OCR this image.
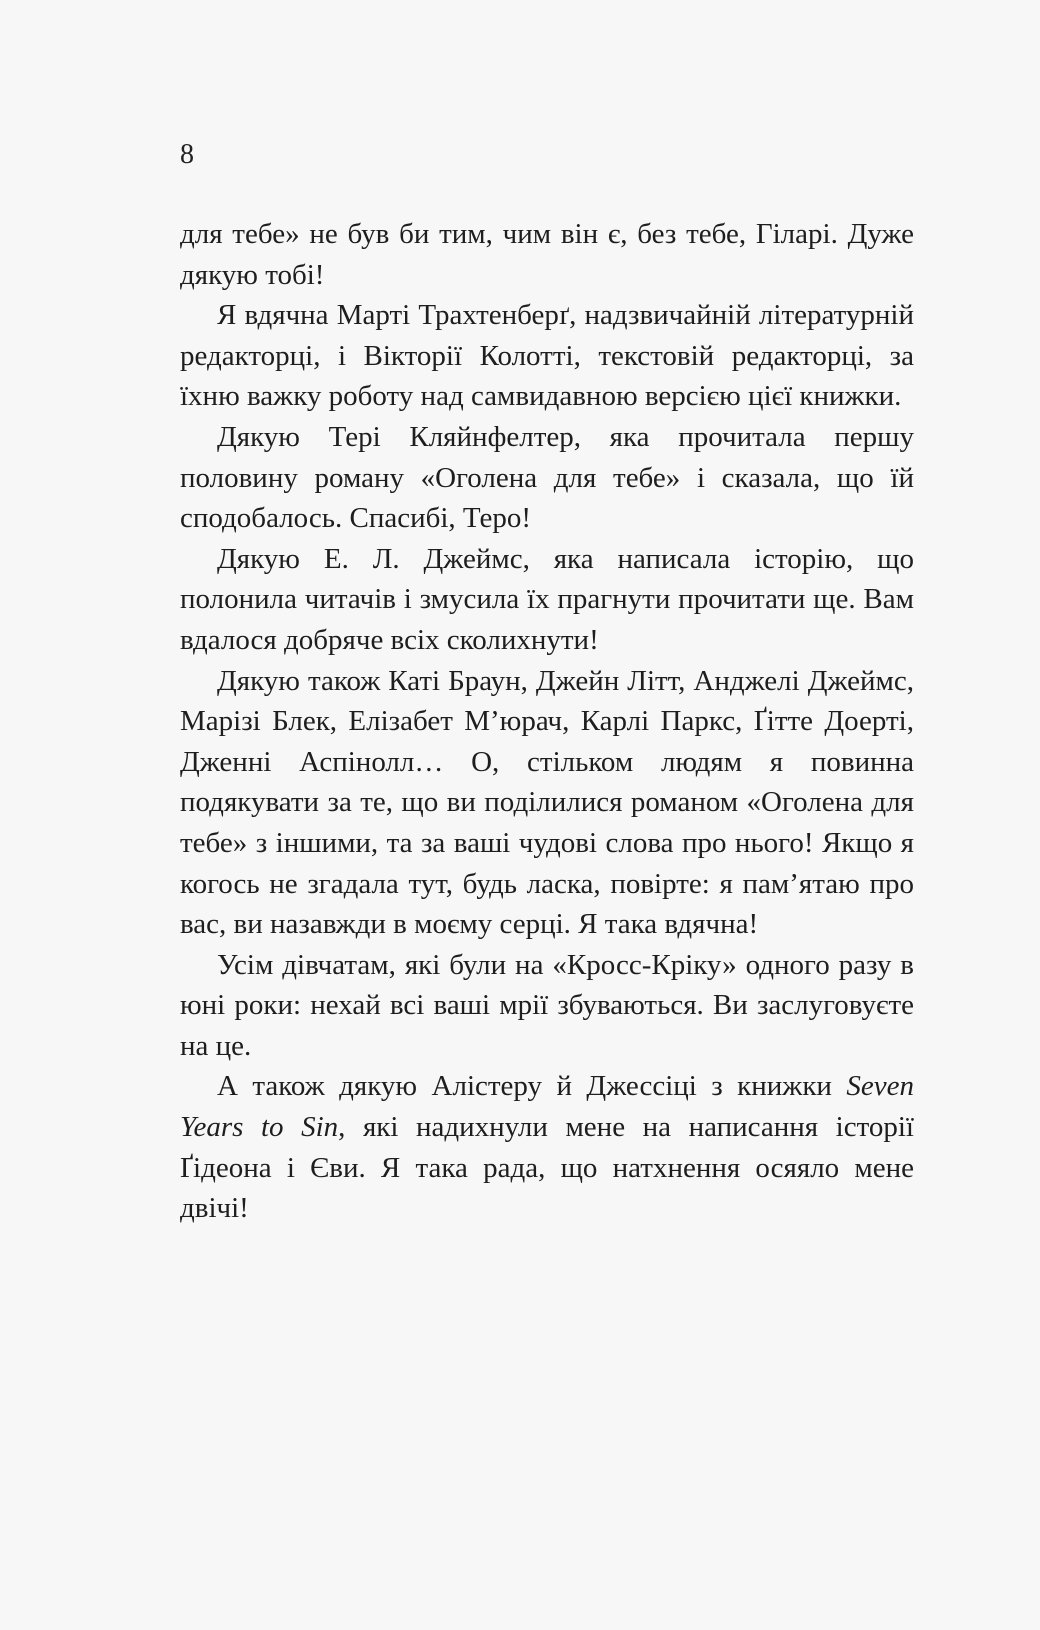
8

для тебе» не був би тим, чим він є, без тебе, Гіларі. Дуже дякую тобі!

Я вдячна Марті Трахтенберґ, надзвичайній літературній редакторці, і Вікторії Колотті, текстовій редакторці, за їхню важку роботу над самвидавною версією цієї книжки.

Дякую Тері Кляйнфелтер, яка прочитала першу половину роману «Оголена для тебе» і сказала, що їй сподобалось. Спасибі, Теро!

Дякую Е. Л. Джеймс, яка написала історію, що полонила читачів і змусила їх прагнути прочитати ще. Вам вдалося добряче всіх сколихнути!

Дякую також Каті Браун, Джейн Літт, Анджелі Джеймс, Марізі Блек, Елізабет М’юрач, Карлі Паркс, Ґітте Доерті, Дженні Аспінолл… О, стільком людям я повинна подякувати за те, що ви поділилися романом «Оголена для тебе» з іншими, та за ваші чудові слова про нього! Якщо я когось не згадала тут, будь ласка, повірте: я пам’ятаю про вас, ви назавжди в моєму серці. Я така вдячна!

Усім дівчатам, які були на «Кросс-Кріку» одного разу в юні роки: нехай всі ваші мрії збуваються. Ви заслуговуєте на це.

А також дякую Алістеру й Джессіці з книжки Seven Years to Sin, які надихнули мене на написання історії Ґідеона і Єви. Я така рада, що натхнення осяяло мене двічі!
